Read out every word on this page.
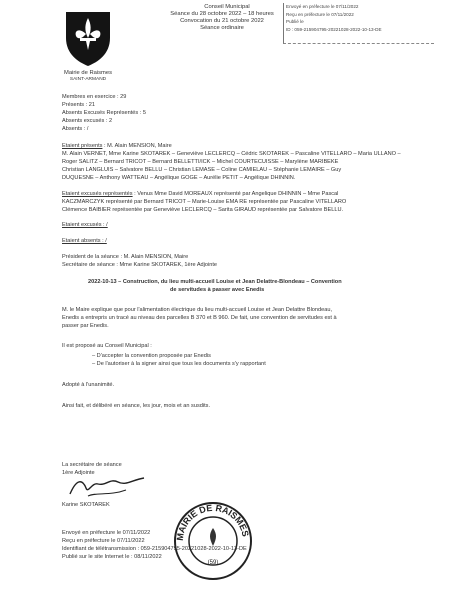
Mairie de Raismes
SAINT-ARMAND
Conseil Municipal
Séance du 28 octobre 2022 – 18 heures
Convocation du 21 octobre 2022
Séance ordinaire
Envoyé en préfecture le 07/11/2022
Reçu en préfecture le 07/11/2022
Publié le
ID : 059-215904795-20221028-2022-10-13-DE
Membres en exercice : 29
Présents : 21
Absents Excusés Représentés : 5
Absents excusés : 2
Absents : /
Etaient présents : M. Alain MENSION, Maire
M. Alain VERNET, Mme Karine SKOTAREK – Geneviève LECLERCQ – Cédric SKOTAREK – Pascaline VITELLARO – Maria ULLANO –
Roger SALITZ – Bernard TRICOT – Bernard BELLETTI/ICK – Michel COURTECUISSE – Marylène MARIBEKE
Christian LANGLUIS – Salvatore BELLU – Christian LEMASE – Coline CAMIELAU – Stéphanie LEMAIRE – Guy
DUQUESNE – Anthony WATTEAU – Angélique GOGE – Aurélie PETIT – Angélique DHINNIN.
Etaient excusés représentés : Venus Mme David MOREAUX représenté par Angelique DHINNIN – Mme Pascal
KACZMARCZYK représenté par Bernard TRICOT – Marie-Louise EMA RE représentée par Pascaline VITELLARO
Clémence BAIBIER représentée par Geneviève LECLERCQ – Sarita GIRAUD représentée par Salvatore BELLU.
Etaient excusés : /
Etaient absents : /
Président de la séance : M. Alain MENSION, Maire
Secrétaire de séance : Mme Karine SKOTAREK, 1ère Adjointe
2022-10-13 – Construction, du lieu multi-accueil Louise et Jean Delattre-Blondeau – Convention
de servitudes à passer avec Enedis
M. le Maire explique que pour l'alimentation électrique du lieu multi-accueil Louise et Jean Delattre Blondeau,
Enedis a entrepris un tracé au niveau des parcelles B 370 et B 960. De fait, une convention de servitudes est à
passer par Enedis.
Il est proposé au Conseil Municipal :
– D'accepter la convention proposée par Enedis
– De l'autoriser à la signer ainsi que tous les documents s'y rapportant
Adopté à l'unanimité.
Ainsi fait, et délibéré en séance, les jour, mois et an susdits.
La secrétaire de séance
1ère Adjointe
Karine SKOTAREK
MAIRIE DE RAISMES
(59)
Envoyé en préfecture le 07/11/2022
Reçu en préfecture le 07/11/2022
Identifiant de télétransmission : 059-215904795-20221028-2022-10-13-DE
Publié sur le site Internet le : 08/11/2022
